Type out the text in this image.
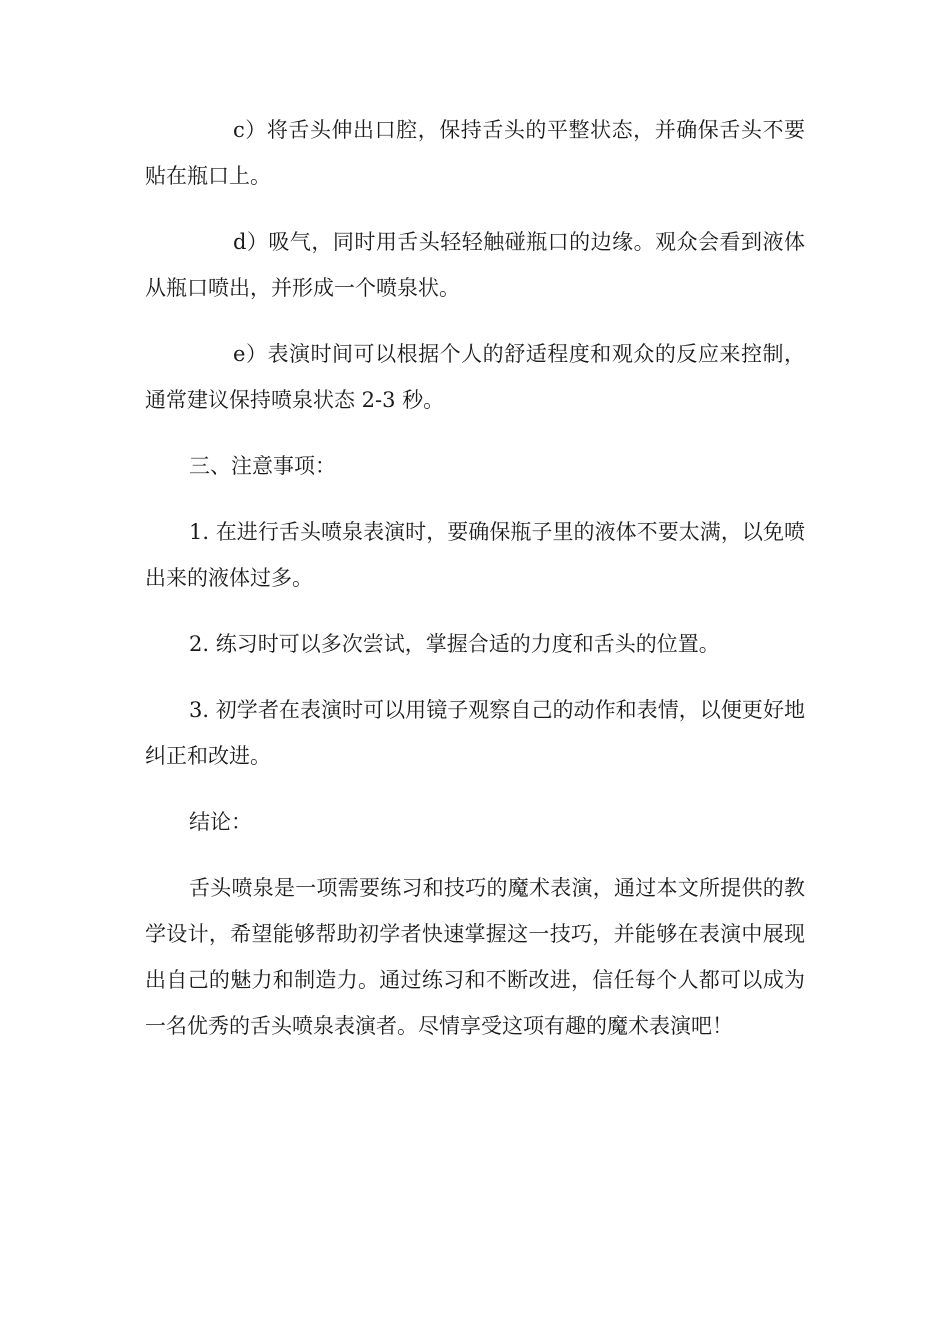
c）将舌头伸出口腔，保持舌头的平整状态，并确保舌头不要贴在瓶口上。

d）吸气，同时用舌头轻轻触碰瓶口的边缘。观众会看到液体从瓶口喷出，并形成一个喷泉状。

e）表演时间可以根据个人的舒适程度和观众的反应来控制，通常建议保持喷泉状态 2-3 秒。

三、注意事项：

1. 在进行舌头喷泉表演时，要确保瓶子里的液体不要太满，以免喷出来的液体过多。

2. 练习时可以多次尝试，掌握合适的力度和舌头的位置。

3. 初学者在表演时可以用镜子观察自己的动作和表情，以便更好地纠正和改进。

结论：

舌头喷泉是一项需要练习和技巧的魔术表演，通过本文所提供的教学设计，希望能够帮助初学者快速掌握这一技巧，并能够在表演中展现出自己的魅力和制造力。通过练习和不断改进，信任每个人都可以成为一名优秀的舌头喷泉表演者。尽情享受这项有趣的魔术表演吧！
